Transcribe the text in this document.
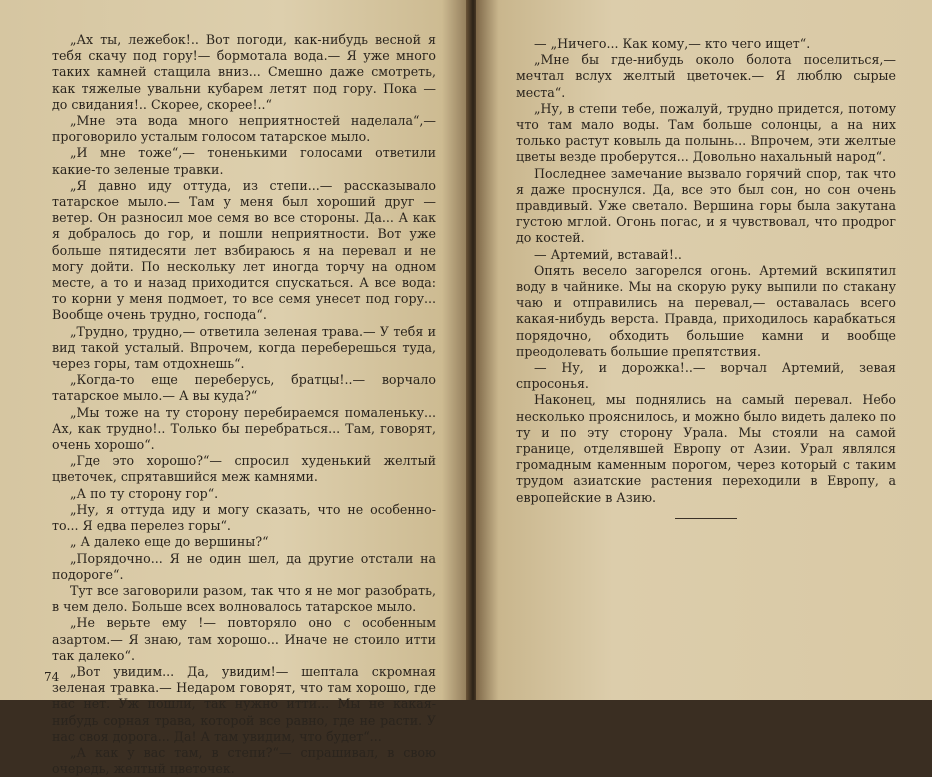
„Ах ты, лежебок!.. Вот погоди, как-нибудь весной я тебя скачу под гору!— бормотала вода.— Я уже много таких камней стащила вниз... Смешно даже смотреть, как тяжелые увальни кубарем летят под гору. Пока — до свидания!.. Скорее, скорее!..“

„Мне эта вода много неприятностей наделала“,—проговорило усталым голосом татарское мыло.

„И мне тоже“,— тоненькими голосами ответили какие-то зеленые травки.

„Я давно иду оттуда, из степи...— рассказывало татарское мыло.— Там у меня был хороший друг — ветер. Он разносил мое семя во все стороны. Да... А как я добралось до гор, и пошли неприятности. Вот уже больше пятидесяти лет взбираюсь я на перевал и не могу дойти. По нескольку лет иногда торчу на одном месте, а то и назад приходится спускаться. А все вода: то корни у меня подмоет, то все семя унесет под гору... Вообще очень трудно, господа“.

„Трудно, трудно,— ответила зеленая травa.— У тебя и вид такой усталый. Впрочем, когда переберешься туда, через горы, там отдохнешь“.

„Когда-то еще переберусь, братцы!..— ворчало татарское мыло.— А вы куда?“

„Мы тоже на ту сторону перебираемся помаленьку... Ах, как трудно!.. Только бы перебраться... Там, говорят, очень хорошо“.

„Где это хорошо?“— спросил худенький желтый цветочек, спрятавшийся меж камнями.

„А по ту сторону гор“.

„Ну, я оттуда иду и могу сказать, что не особенно-то... Я едва перелез горы“.

„ А далеко еще до вершины?“

„Порядочно... Я не один шел, да другие отстали на подороге“.

Тут все заговорили разом, так что я не мог разобрать, в чем дело. Больше всех волновалось татарское мыло.

„Не верьте ему !— повторяло оно с особенным азартом.— Я знаю, там хорошо... Иначе не стоило итти так далеко“.

„Вот увидим... Да, увидим!— шептала скромная зеленая травка.— Недаром говорят, что там хорошо, где нас нет. Уж пошли, так нужно итти... Мы не какая-нибудь сорная трава, которой все равно, где не расти. У нас своя дорога... Да! А там увидим, что будет“...

„А как у вас там, в степи?“— спрашивал, в свою очередь, желтый цветочек.

74

— „Ничего... Как кому,— кто чего ищет“.

„Мне бы где-нибудь около болота поселиться,— мечтал вслух желтый цветочек.— Я люблю сырые места“.

„Ну, в степи тебе, пожалуй, трудно придется, потому что там мало воды. Там больше солонцы, а на них только растут ковыль да полынь... Впрочем, эти желтые цветы везде проберутся... Довольно нахальный народ“.

Последнее замечание вызвало горячий спор, так что я даже проснулся. Да, все это был сон, но сон очень правдивый. Уже светало. Вершина горы была закутана густою мглой. Огонь погас, и я чувствовал, что продрог до костей.

— Артемий, вставай!..

Опять весело загорелся огонь. Артемий вскипятил воду в чайнике. Мы на скорую руку выпили по стакану чаю и отправились на перевал,— оставалась всего какая-нибудь верста. Правда, приходилось карабкаться порядочно, обходить большие камни и вообще преодолевать большие препятствия.

— Ну, и дорожка!..— ворчал Артемий, зевая спросонья.

Наконец, мы поднялись на самый перевал. Небо несколько прояснилось, и можно было видеть далеко по ту и по эту сторону Урала. Мы стояли на самой границе, отделявшей Европу от Азии. Урал являлся громадным каменным порогом, через который с таким трудом азиатские растения переходили в Европу, а европейские в Азию.
